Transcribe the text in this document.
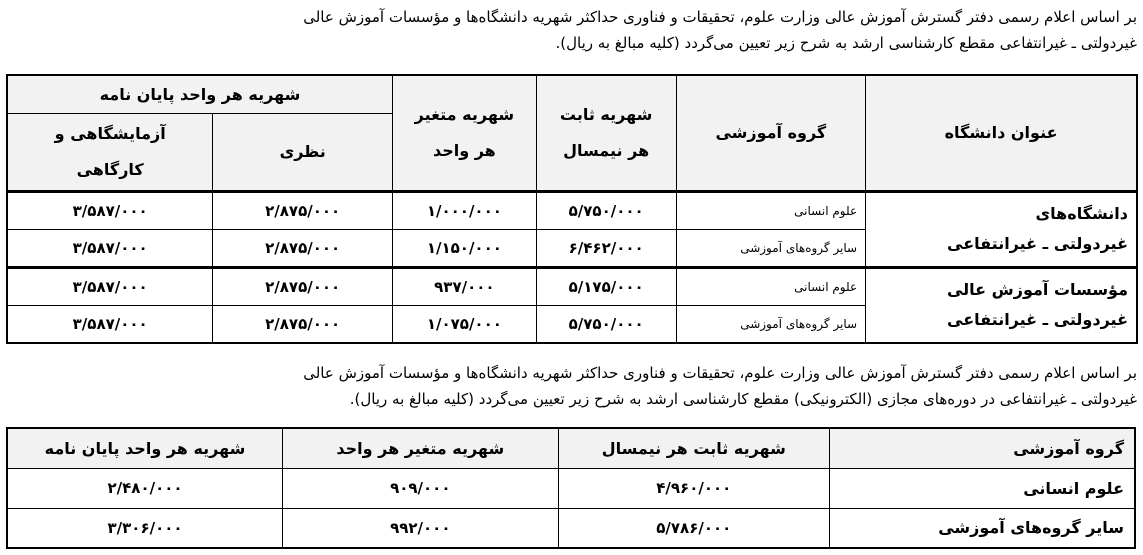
بر اساس اعلام رسمی دفتر گسترش آموزش عالی وزارت علوم، تحقیقات و فناوری حداکثر شهریه دانشگاه‌ها و مؤسسات آموزش عالی
غیردولتی ـ غیرانتفاعی مقطع کارشناسی ارشد به شرح زیر تعیین می‌گردد (کلیه مبالغ به ریال).
عنوان دانشگاه	گروه آموزشی	شهریه ثابت هر نیمسال	شهریه متغیر هر واحد	شهریه هر واحد پایان نامه	
				نظری	آزمایشگاهی و کارگاهی

دانشگاه‌های
غیردولتی ـ غیرانتفاعی	علوم انسانی	۵/۷۵۰/۰۰۰	۱/۰۰۰/۰۰۰	۲/۸۷۵/۰۰۰	۳/۵۸۷/۰۰۰
	سایر گروه‌های آموزشی	۶/۴۶۲/۰۰۰	۱/۱۵۰/۰۰۰	۲/۸۷۵/۰۰۰	۳/۵۸۷/۰۰۰

مؤسسات آموزش عالی
غیردولتی ـ غیرانتفاعی	علوم انسانی	۵/۱۷۵/۰۰۰	۹۳۷/۰۰۰	۲/۸۷۵/۰۰۰	۳/۵۸۷/۰۰۰
	سایر گروه‌های آموزشی	۵/۷۵۰/۰۰۰	۱/۰۷۵/۰۰۰	۲/۸۷۵/۰۰۰	۳/۵۸۷/۰۰۰
بر اساس اعلام رسمی دفتر گسترش آموزش عالی وزارت علوم، تحقیقات و فناوری حداکثر شهریه دانشگاه‌ها و مؤسسات آموزش عالی
غیردولتی ـ غیرانتفاعی در دوره‌های مجازی (الکترونیکی) مقطع کارشناسی ارشد به شرح زیر تعیین می‌گردد (کلیه مبالغ به ریال).
گروه آموزشی	شهریه ثابت هر نیمسال	شهریه متغیر هر واحد	شهریه هر واحد پایان نامه
علوم انسانی	۴/۹۶۰/۰۰۰	۹۰۹/۰۰۰	۲/۴۸۰/۰۰۰
سایر گروه‌های آموزشی	۵/۷۸۶/۰۰۰	۹۹۲/۰۰۰	۳/۳۰۶/۰۰۰
